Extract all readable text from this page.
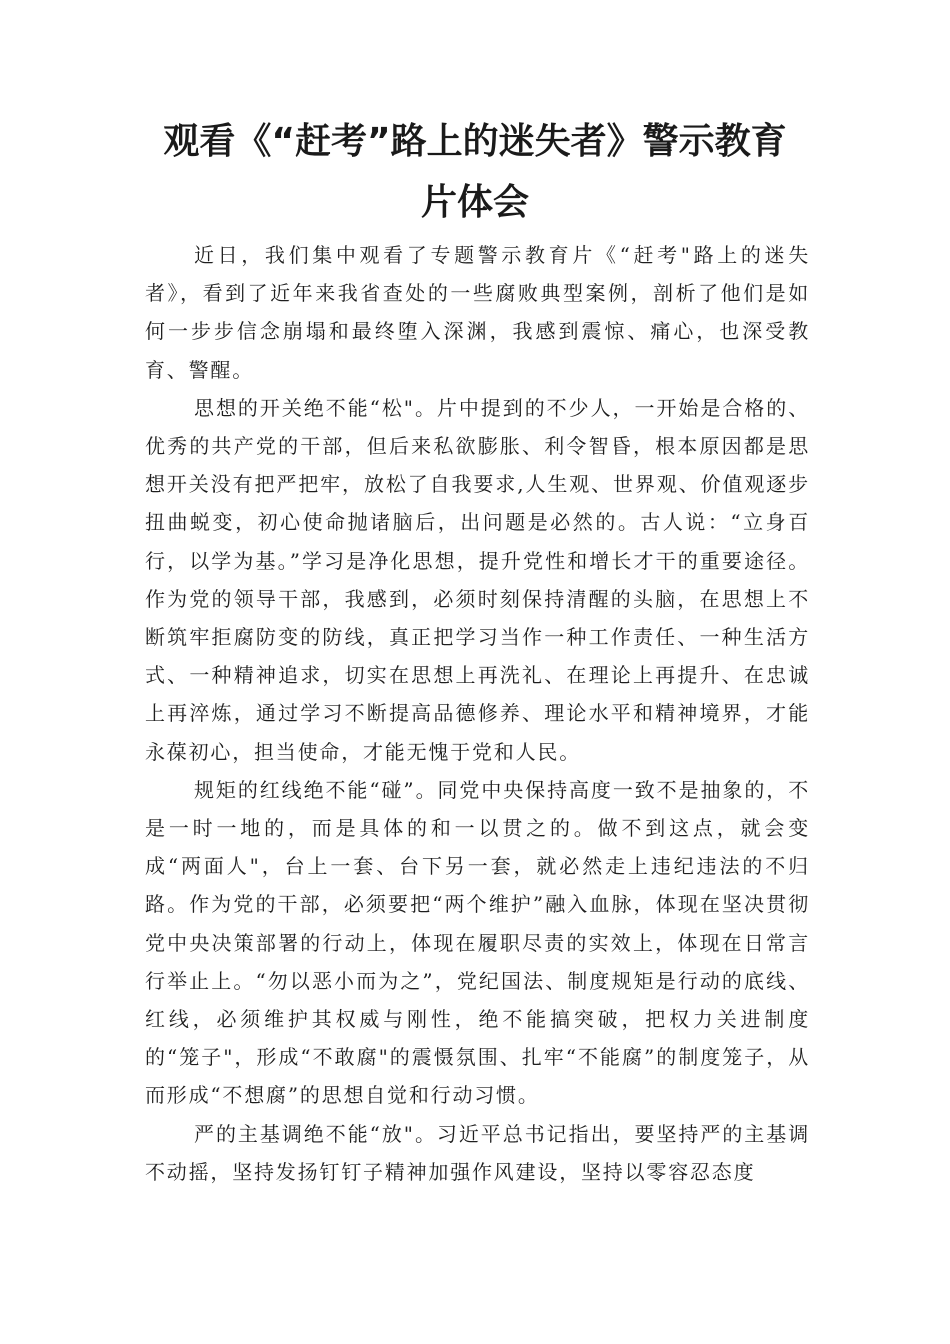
观看《“赶考”路上的迷失者》警示教育
片体会

近日，我们集中观看了专题警示教育片《“赶考"路上的迷失者》，看到了近年来我省查处的一些腐败典型案例，剖析了他们是如何一步步信念崩塌和最终堕入深渊，我感到震惊、痛心，也深受教育、警醒。

思想的开关绝不能“松"。片中提到的不少人，一开始是合格的、优秀的共产党的干部，但后来私欲膨胀、利令智昏，根本原因都是思想开关没有把严把牢，放松了自我要求,人生观、世界观、价值观逐步扭曲蜕变，初心使命抛诸脑后，出问题是必然的。古人说：“立身百行，以学为基。”学习是净化思想，提升党性和增长才干的重要途径。作为党的领导干部，我感到，必须时刻保持清醒的头脑，在思想上不断筑牢拒腐防变的防线，真正把学习当作一种工作责任、一种生活方式、一种精神追求，切实在思想上再洗礼、在理论上再提升、在忠诚上再淬炼，通过学习不断提高品德修养、理论水平和精神境界，才能永葆初心，担当使命，才能无愧于党和人民。

规矩的红线绝不能“碰”。同党中央保持高度一致不是抽象的，不是一时一地的，而是具体的和一以贯之的。做不到这点，就会变成“两面人"，台上一套、台下另一套，就必然走上违纪违法的不归路。作为党的干部，必须要把“两个维护”融入血脉，体现在坚决贯彻党中央决策部署的行动上，体现在履职尽责的实效上，体现在日常言行举止上。“勿以恶小而为之”，党纪国法、制度规矩是行动的底线、红线，必须维护其权威与刚性，绝不能搞突破，把权力关进制度的“笼子"，形成“不敢腐"的震慑氛围、扎牢“不能腐”的制度笼子，从而形成“不想腐”的思想自觉和行动习惯。

严的主基调绝不能“放"。习近平总书记指出，要坚持严的主基调不动摇，坚持发扬钉钉子精神加强作风建设，坚持以零容忍态度
